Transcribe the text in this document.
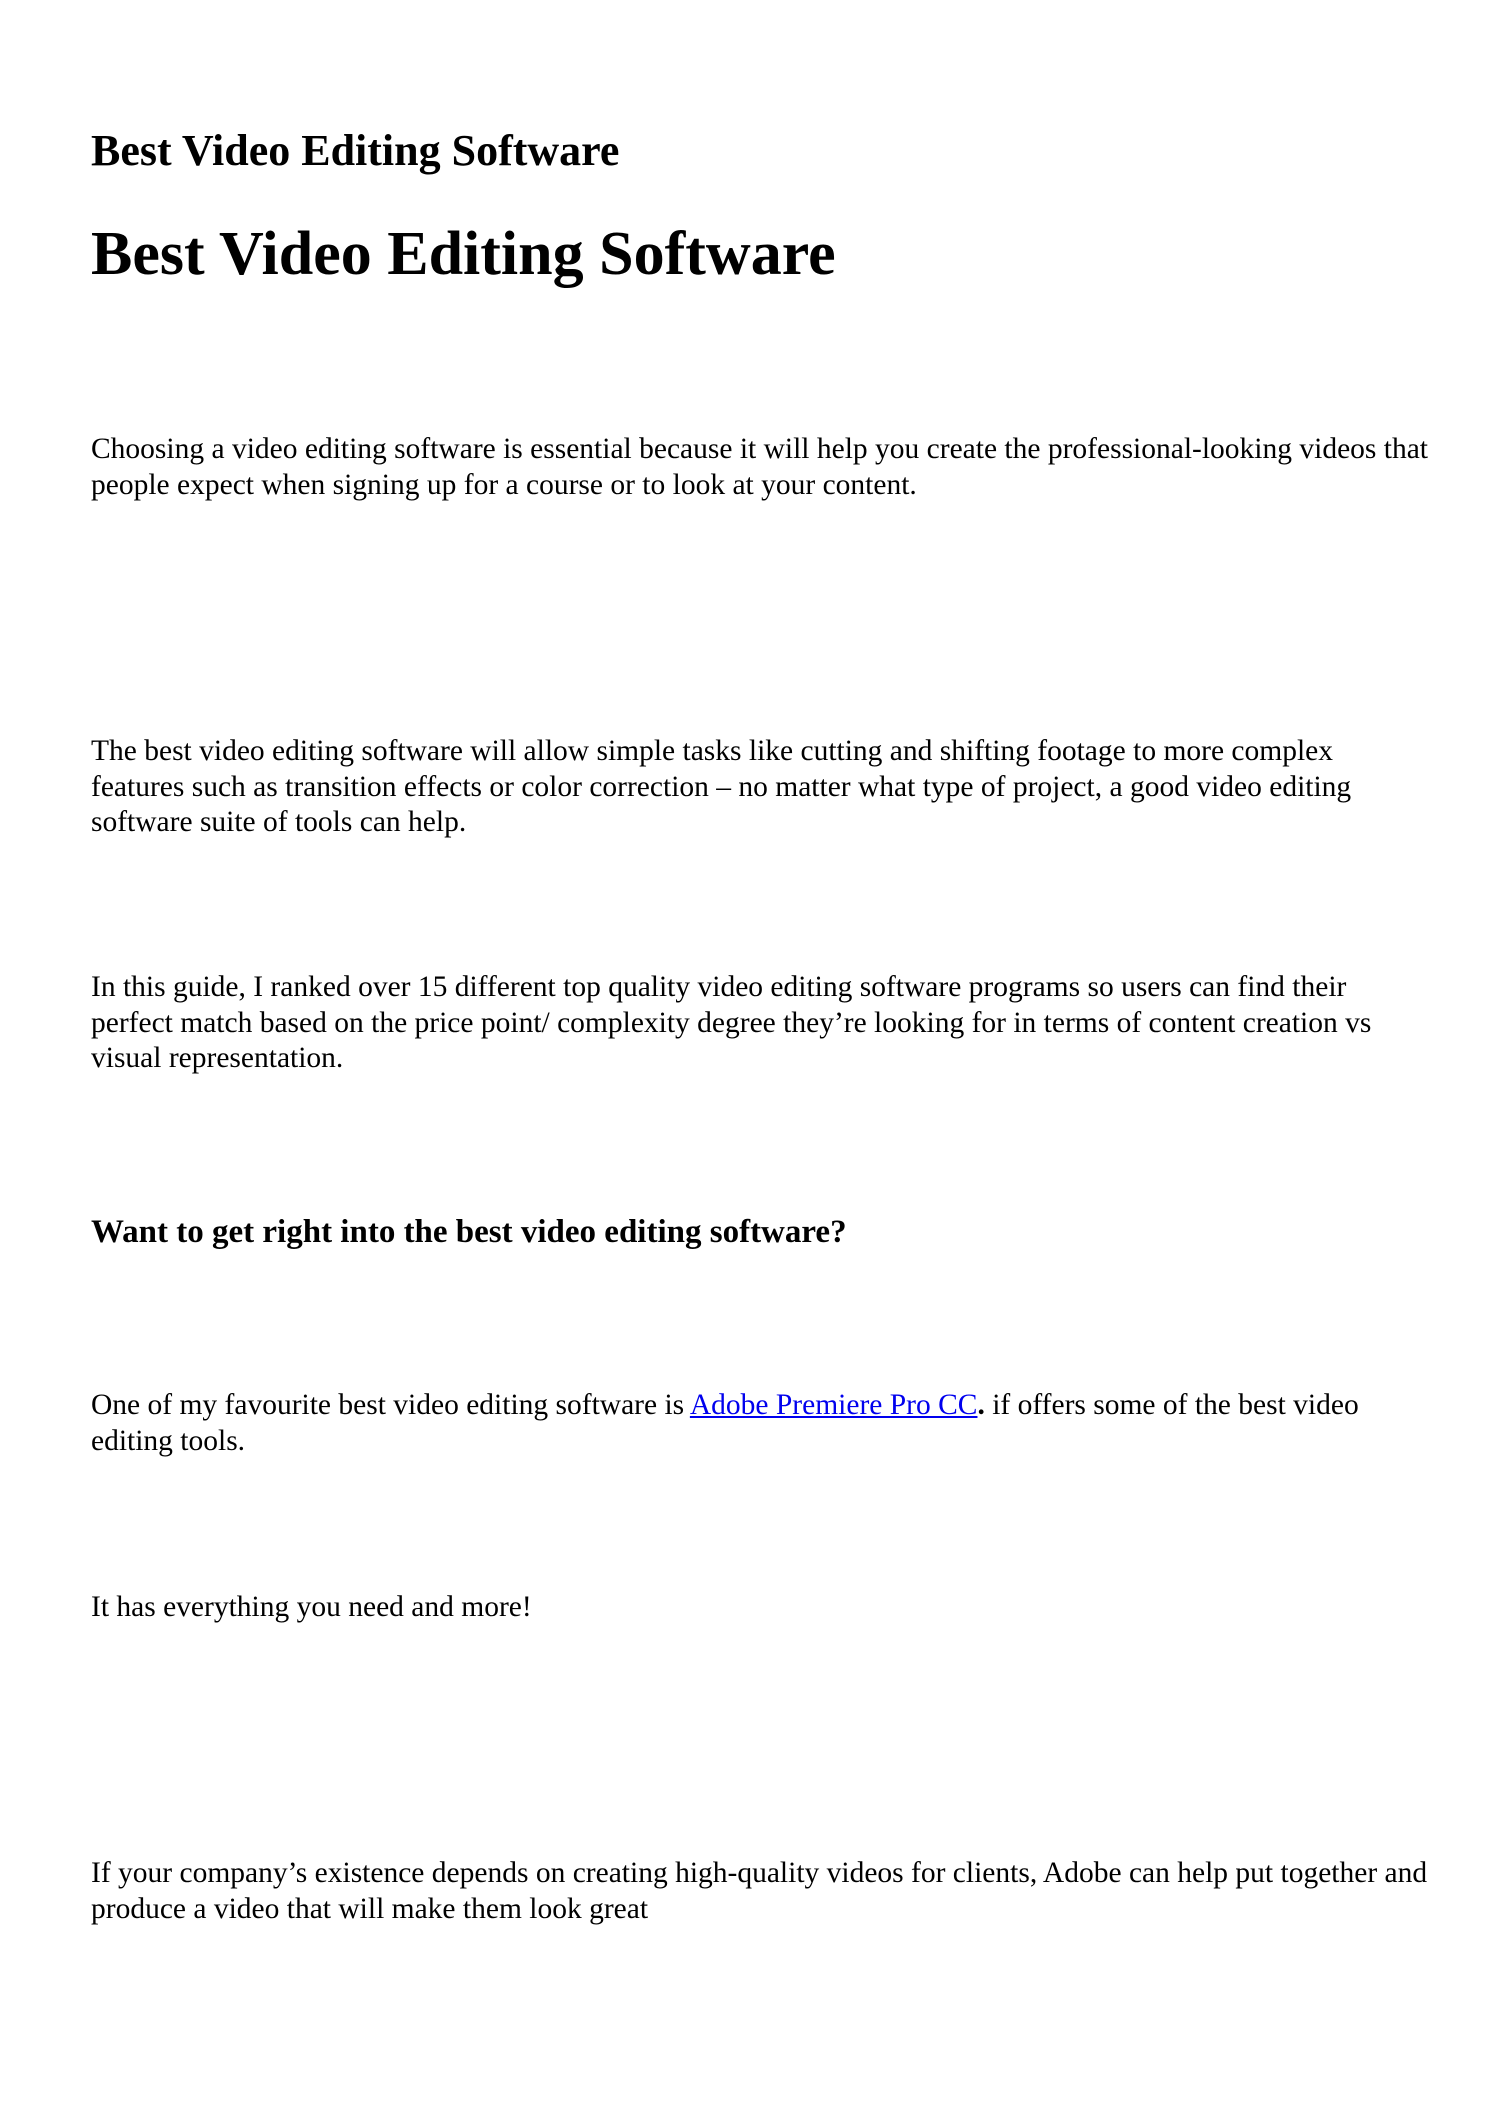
Best Video Editing Software
Best Video Editing Software

Choosing a video editing software is essential because it will help you create the professional-looking videos that people expect when signing up for a course or to look at your content.

The best video editing software will allow simple tasks like cutting and shifting footage to more complex features such as transition effects or color correction – no matter what type of project, a good video editing software suite of tools can help.

In this guide, I ranked over 15 different top quality video editing software programs so users can find their perfect match based on the price point/ complexity degree they’re looking for in terms of content creation vs visual representation.

Want to get right into the best video editing software?

One of my favourite best video editing software is Adobe Premiere Pro CC. if offers some of the best video editing tools.

It has everything you need and more!

If your company’s existence depends on creating high-quality videos for clients, Adobe can help put together and produce a video that will make them look great
